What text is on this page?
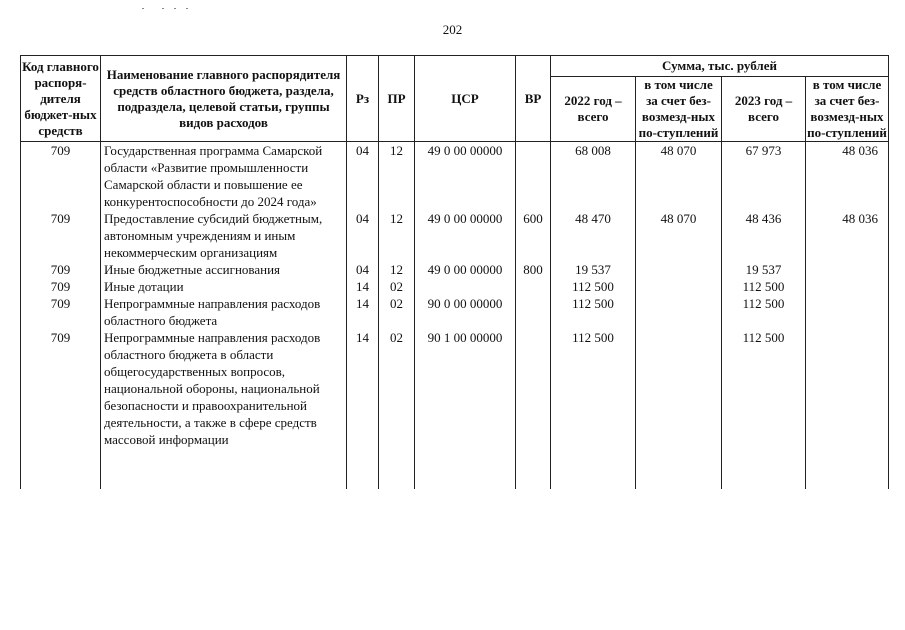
202
Код главного распоря-дителя бюджет-ных средств	Наименование главного распорядителя средств областного бюджета, раздела, подраздела, целевой статьи, группы видов расходов	Рз	ПР	ЦСР	ВР	Сумма, тыс. рублей			
						2022 год – всего	в том числе за счет без-возмезд-ных по-ступлений	2023 год – всего	в том числе за счет без-возмезд-ных по-ступлений
709	Государственная программа Самарской области «Развитие промышленности Самарской области и повышение ее конкурентоспособности до 2024 года»	04	12	49 0 00 00000		68 008	48 070	67 973	48 036
709	Предоставление субсидий бюджетным, автономным учреждениям и иным некоммерческим организациям	04	12	49 0 00 00000	600	48 470	48 070	48 436	48 036
709	Иные бюджетные ассигнования	04	12	49 0 00 00000	800	19 537		19 537	
709	Иные дотации	14	02			112 500		112 500	
709	Непрограммные направления расходов областного бюджета	14	02	90 0 00 00000		112 500		112 500	
709	Непрограммные направления расходов областного бюджета в области общегосударственных вопросов, национальной обороны, национальной безопасности и правоохранительной деятельности, а также в сфере средств массовой информации	14	02	90 1 00 00000		112 500		112 500	
